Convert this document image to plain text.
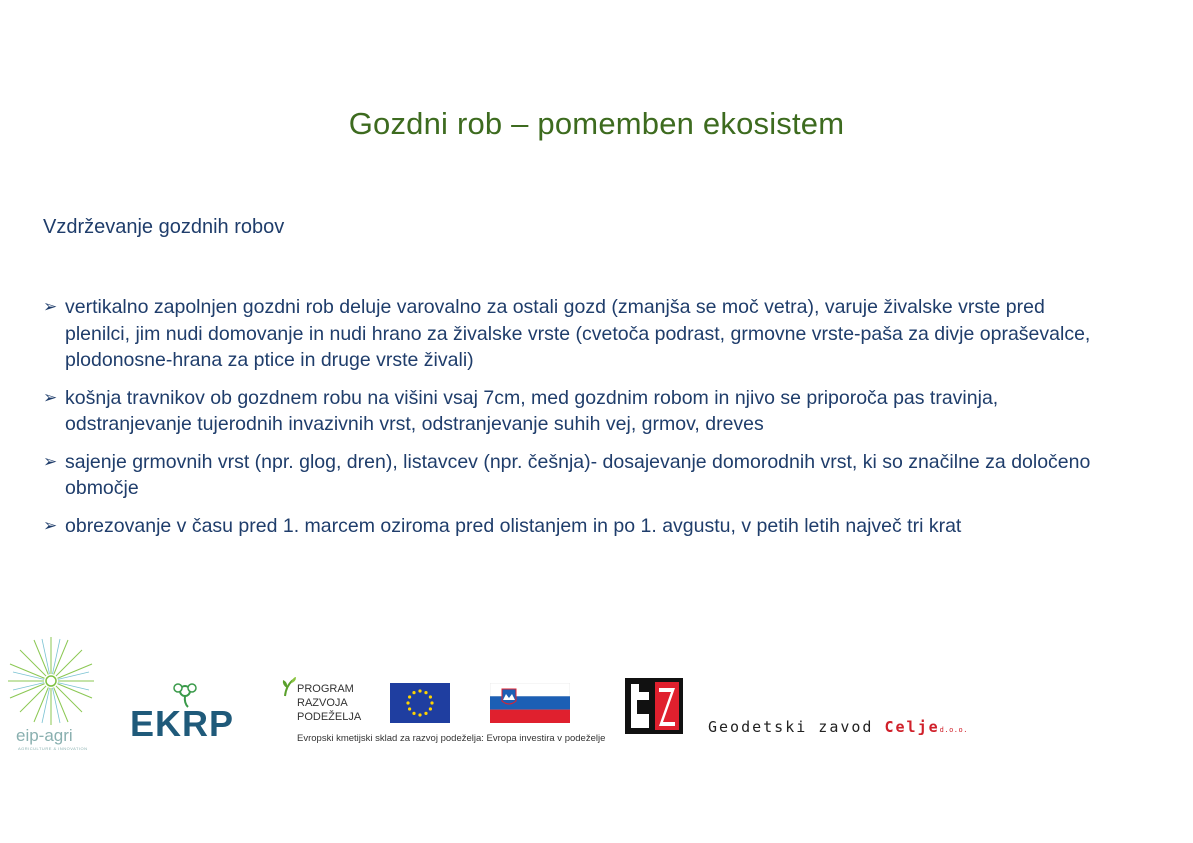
Gozdni rob – pomemben ekosistem
Vzdrževanje gozdnih robov
➢ vertikalno zapolnjen gozdni rob deluje varovalno za ostali gozd (zmanjša se moč vetra), varuje živalske vrste pred plenilci, jim nudi domovanje in nudi hrano za živalske vrste (cvetoča podrast, grmovne vrste-paša za divje opraševalce, plodonosne-hrana za ptice in druge vrste živali)
➢ košnja travnikov ob gozdnem robu na višini vsaj 7cm, med gozdnim robom in njivo se priporoča pas travinja, odstranjevanje tujerodnih invazivnih vrst, odstranjevanje suhih vej, grmov, dreves
➢ sajenje grmovnih vrst (npr. glog, dren), listavcev (npr. češnja)- dosajevanje domorodnih vrst, ki so značilne za določeno območje
➢ obrezovanje v času pred 1. marcem oziroma pred olistanjem in po 1. avgustu, v petih letih največ tri krat
eip-agri
AGRICULTURE & INNOVATION
EKRP
PROGRAM
RAZVOJA
PODEŽELJA
Evropski kmetijski sklad za razvoj podeželja: Evropa investira v podeželje
Geodetski zavod Celjed.o.o.
